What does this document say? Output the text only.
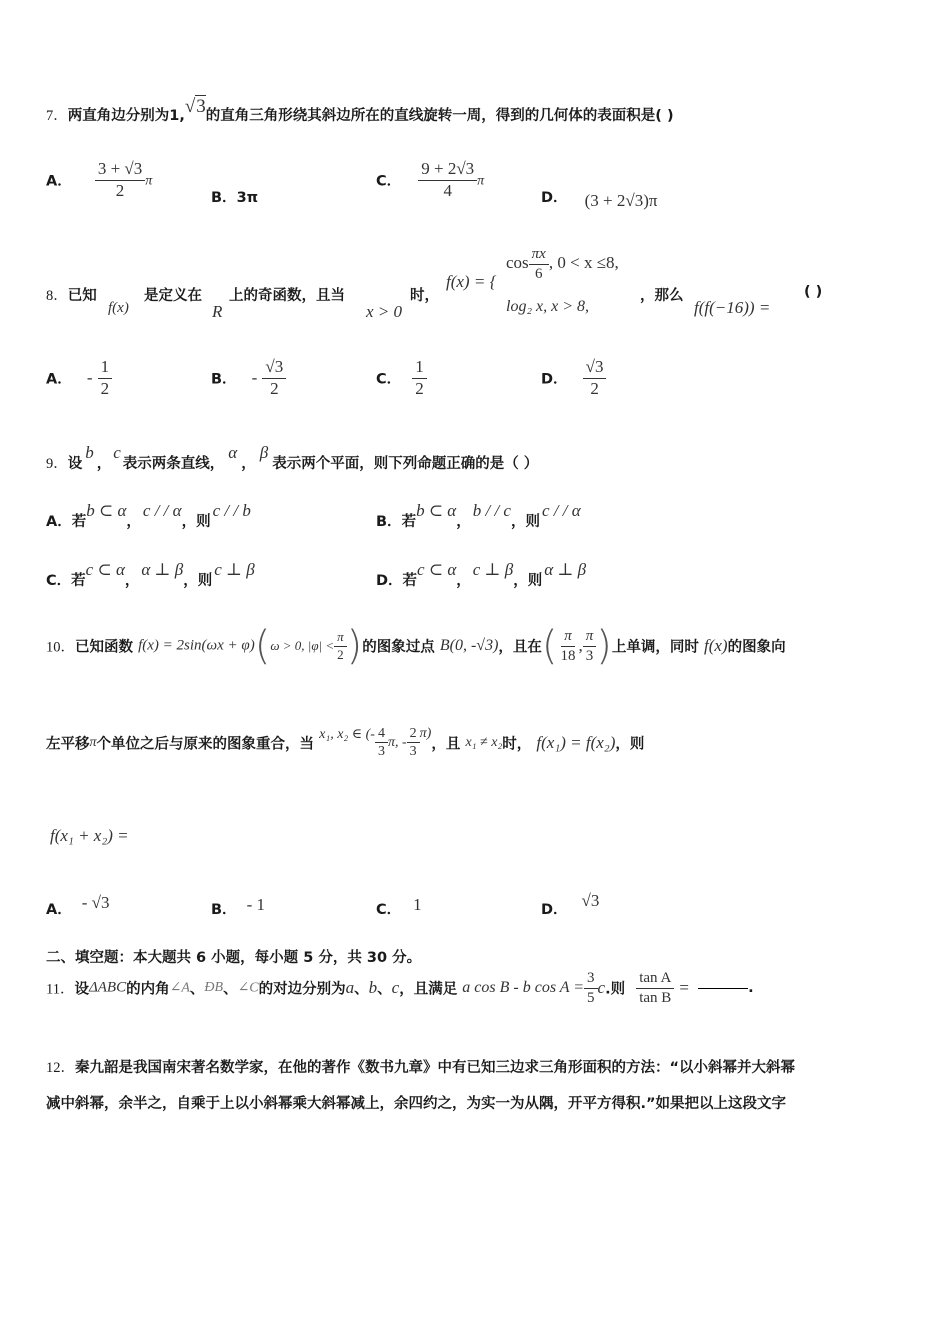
7．两直角边分别为1,√3的直角三角形绕其斜边所在的直线旋转一周，得到的几何体的表面积是( )
A． $\frac{3 + √3}{2}$ π
B．3π
C． $\frac{9 + 2√3}{4}$ π
D． (3 + 2√3)π
8．已知
f(x)
是定义在
R
上的奇函数，且当
x > 0
时，
f(x) = {
$\cos \frac{\pi x}{6}$ , 0 < x ≤8,
log₂ x, x > 8,
，那么
f(f(−16)) =
( )
A． - $\frac{1}{2}$	B． - $\frac{√3}{2}$	C． $\frac{1}{2}$	D． $\frac{√3}{2}$
9．设b，c表示两条直线，α，β表示两个平面，则下列命题正确的是（ ）
A．若b ⊂ α，c / / α，则c / / b
B．若b ⊂ α，b / / c，则c / / α
C．若c ⊂ α，α ⊥ β，则c ⊥ β
D．若c ⊂ α，c ⊥ β，则α ⊥ β
10．已知函数 f(x) = 2sin(ωx + φ)(ω > 0, $|\varphi| < \frac{\pi}{2}$ )的图象过点 B(0, -√3)，且在( $\frac{\pi}{18}$ , $\frac{\pi}{3}$ )上单调，同时 f(x)的图象向
左平移π个单位之后与原来的图象重合，当 x₁, x₂ ∈ (- $\frac{4}{3} \pi$, - $\frac{2}{3} \pi$)，且 x₁ ≠ x₂时， f(x₁) = f(x₂)，则
f(x₁ + x₂) =
A． - √3	B． - 1	C． 1	D． √3
二、填空题：本大题共 6 小题，每小题 5 分，共 30 分。
11．设ΔABC的内角∠A、ÐB、∠C的对边分别为a、b、c，且满足 a cos B - b $\cos A = \frac{3}{5} c$.则 $\frac{\text{tan A}}{\text{tan B}}$ =	.
12．秦九韶是我国南宋著名数学家，在他的著作《数书九章》中有已知三边求三角形面积的方法：“以小斜幂并大斜幂
减中斜幂，余半之，自乘于上以小斜幂乘大斜幂减上，余四约之，为实一为从隅，开平方得积.”如果把以上这段文字
